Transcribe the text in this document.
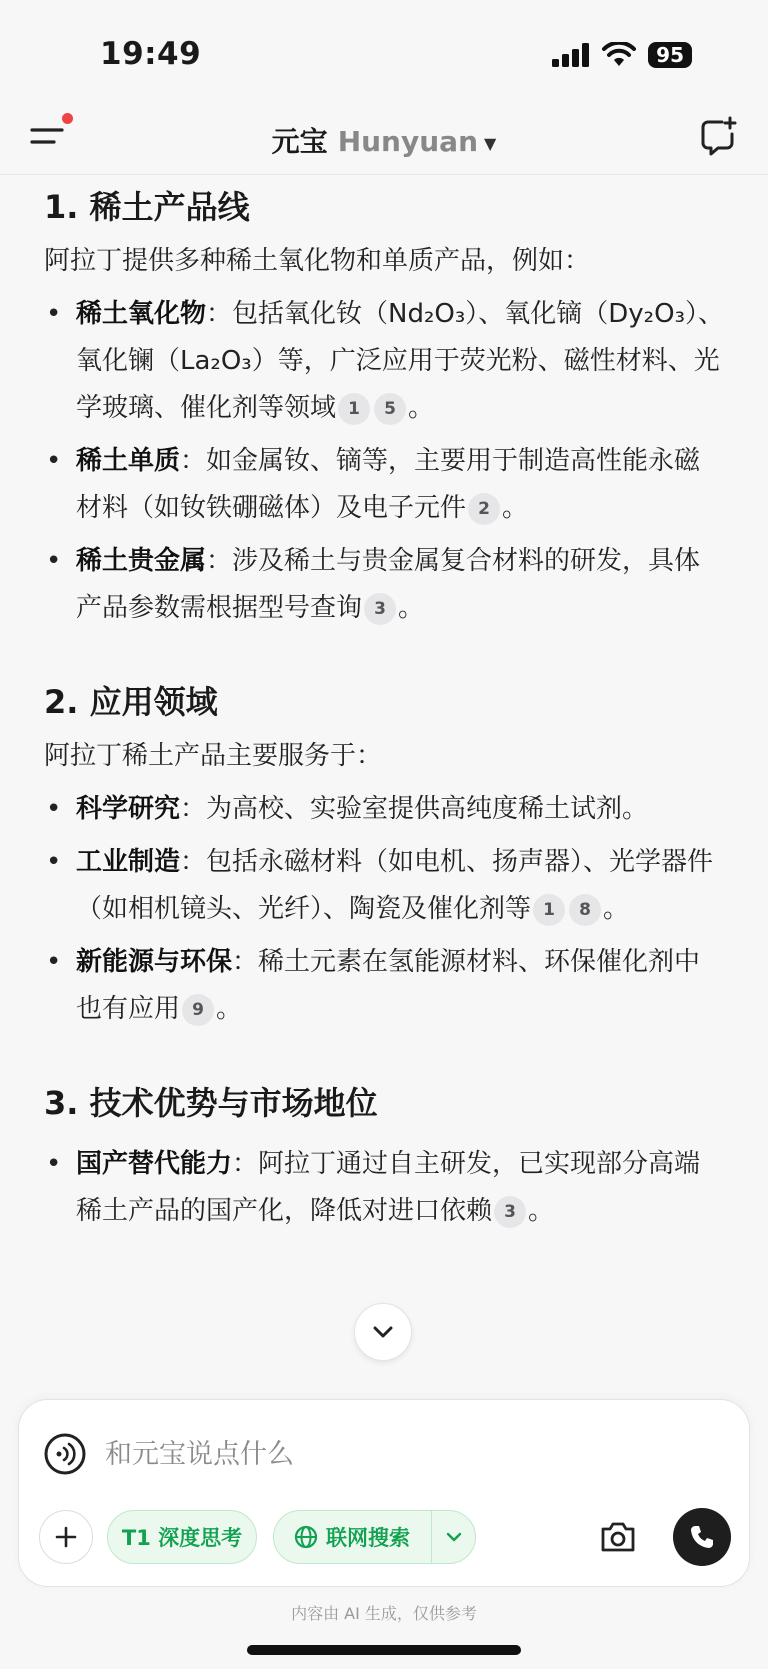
19:49	95
元宝 Hunyuan ▼
1. 稀土产品线
阿拉丁提供多种稀土氧化物和单质产品，例如：
• 稀土氧化物：包括氧化钕（Nd₂O₃）、氧化镝（Dy₂O₃）、氧化镧（La₂O₃）等，广泛应用于荧光粉、磁性材料、光学玻璃、催化剂等领域 1 5 。
• 稀土单质：如金属钕、镝等，主要用于制造高性能永磁材料（如钕铁硼磁体）及电子元件 2 。
• 稀土贵金属：涉及稀土与贵金属复合材料的研发，具体产品参数需根据型号查询 3 。
2. 应用领域
阿拉丁稀土产品主要服务于：
• 科学研究：为高校、实验室提供高纯度稀土试剂。
• 工业制造：包括永磁材料（如电机、扬声器）、光学器件（如相机镜头、光纤）、陶瓷及催化剂等 1 8 。
• 新能源与环保：稀土元素在氢能源材料、环保催化剂中也有应用 9 。
3. 技术优势与市场地位
• 国产替代能力：阿拉丁通过自主研发，已实现部分高端稀土产品的国产化，降低对进口依赖 3 。
和元宝说点什么
T1 深度思考	联网搜索
内容由 AI 生成，仅供参考
